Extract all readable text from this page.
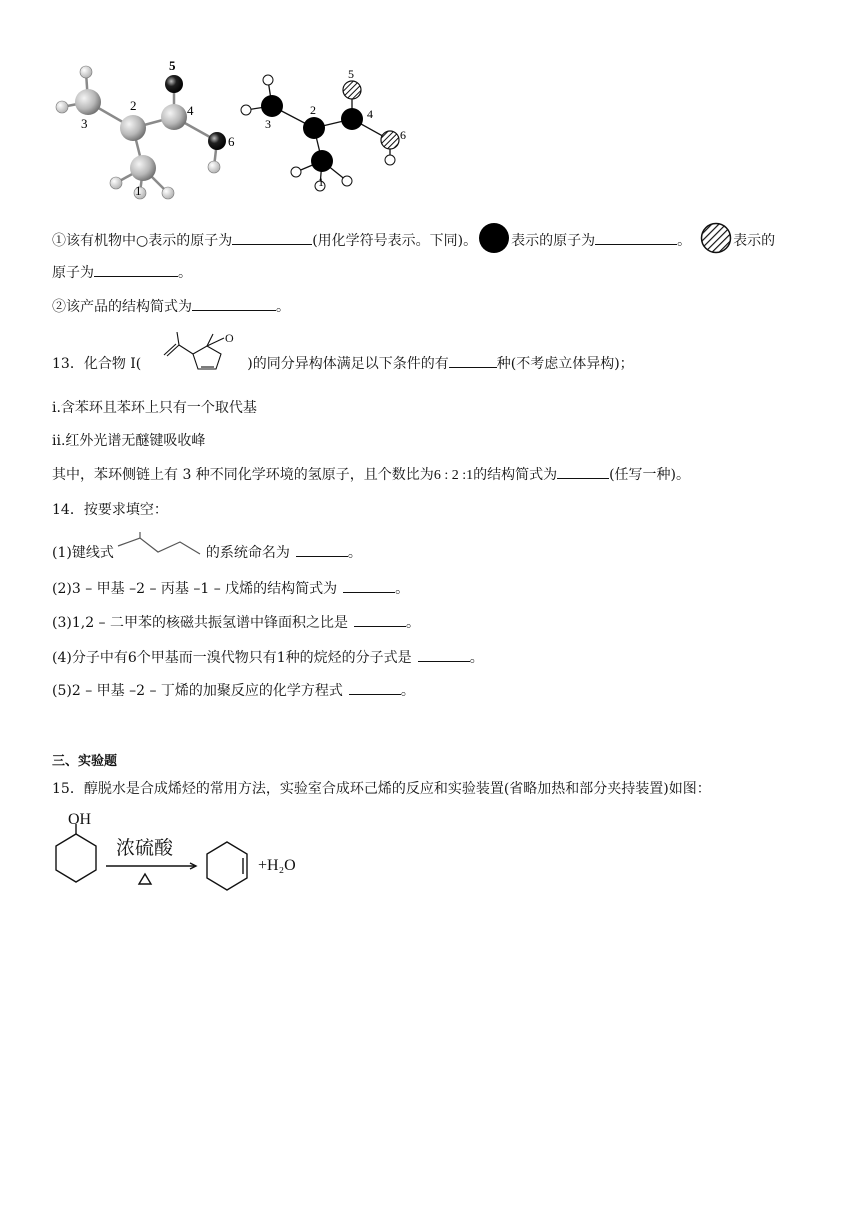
2
3
1
4
5
6
2
3
1
4
5
6
①该有机物中○表示的原子为	(用化学符号表示。下同)。 表示的原子为	。	表示的
原子为	。
②该产品的结构简式为	。
13．化合物 I(
O
)的同分异构体满足以下条件的有	种(不考虑立体异构)；
i.含苯环且苯环上只有一个取代基
ii.红外光谱无醚键吸收峰
其中，苯环侧链上有 3 种不同化学环境的氢原子，且个数比为6 : 2 :1的结构简式为	(任写一种)。
14．按要求填空：
(1)键线式	的系统命名为	。
(2)3 – 甲基 –2 – 丙基 –1 – 戊烯的结构简式为	。
(3)1,2 – 二甲苯的核磁共振氢谱中锋面积之比是	。
(4)分子中有6个甲基而一溴代物只有1种的烷烃的分子式是	。
(5)2 – 甲基 –2 – 丁烯的加聚反应的化学方程式	。
三、实验题
15．醇脱水是合成烯烃的常用方法，实验室合成环己烯的反应和实验装置(省略加热和部分夹持装置)如图：
OH
浓硫酸
+H₂O
